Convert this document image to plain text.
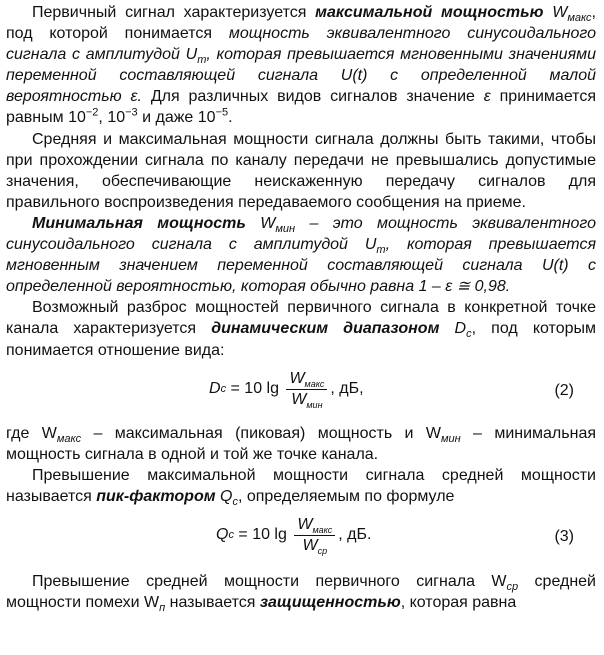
Первичный сигнал характеризуется максимальной мощностью $W_{макс}$, под которой понимается мощность эквивалентного синусоидального сигнала с амплитудой $U_m$, которая превышается мгновенными значениями переменной составляющей сигнала U(t) с определенной малой вероятностью ε. Для различных видов сигналов значение ε принимается равным $10^{-2}$, $10^{-3}$ и даже $10^{-5}$.

Средняя и максимальная мощности сигнала должны быть такими, чтобы при прохождении сигнала по каналу передачи не превышались допустимые значения, обеспечивающие неискаженную передачу сигналов для правильного воспроизведения передаваемого сообщения на приеме.

Минимальная мощность $W_{мин}$ – это мощность эквивалентного синусоидального сигнала с амплитудой $U_m$, которая превышается мгновенным значением переменной составляющей сигнала U(t) с определенной вероятностью, которая обычно равна 1 – ε ≅ 0,98.

Возможный разброс мощностей первичного сигнала в конкретной точке канала характеризуется динамическим диапазоном $D_c$, под которым понимается отношение вида:

D c = 10 $\lg \frac{W_{макс}}{W_{мин}}$ , дБ,	(2)

где $W_{макс}$ – максимальная (пиковая) мощность и $W_{мин}$ – минимальная мощность сигнала в одной и той же точке канала.

Превышение максимальной мощности сигнала средней мощности называется пик-фактором $Q_c$, определяемым по формуле

Q c = 10 $\lg \frac{W_{макс}}{W_{ср}}$ , дБ.	(3)

Превышение средней мощности первичного сигнала $W_{ср}$ средней мощности помехи $W_п$ называется защищенностью, которая равна
